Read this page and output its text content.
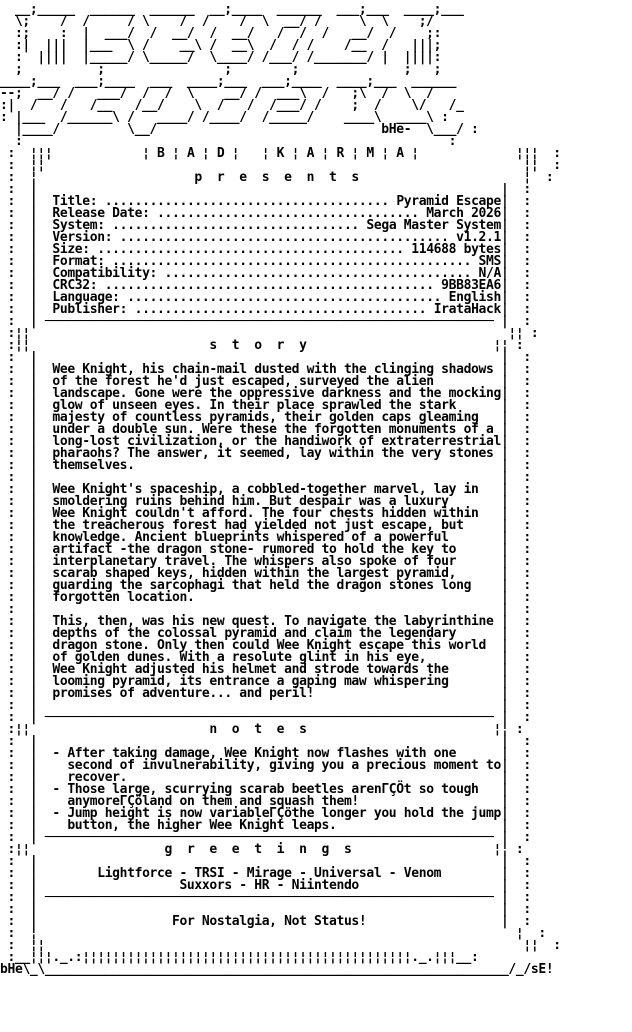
__;_____  ______  ______  __;____  ______  ___;___  ____;___
\;    /  /     / \    /  /    /  \  __/ /     \  \    ;/
:;    :  |  ___/  /  __/  /  __/   /  /  /   __/  /    ;:
:|  |||  |___  \ /    __\ /  __\  /  / /    /__  /   |||;
:  ||||  |_____/ \_____/  \____/ /___/ /_______/ |  ||||:
;          ;                ;        ;              ;   ;
____;___  ___;____  ___  ____;___  ___;____  ____;___  ______
--;  __/ /   ___/  /  /  \    __/ /  ___\  /   ;\  /  \  /
:|  /   /   /__   /__/    \  /   /  /___/ /    ;  /    \/   /_
: |___  /______\ /   ____/ /____/  /_____/    ____\  ____\ :
|____/         \__/                              bHe-  \___/ :
:                                                         :

:  ¦¦¦	¦ B ¦ A ¦ D ¦   ¦ K ¦ A ¦ R ¦ M ¦ A ¦	¦¦¦  :
:  ¦¦	¦¦  :
:  ¦	p  r  e  s  e  n  t  s	¦  :
:  |	|  :
:  | Title: ...................................... Pyramid Escape|  :
:  | Release Date: ................................... March 2026|  :
:  | System: ................................. Sega Master System|  :
:  | Version: ............................................ v1.2.1|  :
:  | Size: ......................................... 114688 bytes|  :
:  | Format: ................................................ SMS|  :
:  | Compatibility: ......................................... N/A|  :
:  | CRC32: ............................................ 9BB83EA6|  :
:  | Language: .......................................... English|  :
:  | Publisher: ....................................... IrataHack|  :
:  | ──────────────────────────────────────────────────────────── |  :
:¦¦	¦¦ :
:¦¦	s  t  o  r  y	¦¦ :
:  |	|  :
:  | Wee Knight, his chain-mail dusted with the clinging shadows |  :
:  | of the forest he'd just escaped, surveyed the alien	|  :
:  | landscape. Gone were the oppressive darkness and the mocking|  :
:  | glow of unseen eyes. In their place sprawled the stark	|  :
:  | majesty of countless pyramids, their golden caps gleaming   |  :
:  | under a double sun. Were these the forgotten monuments of a |  :
:  | long-lost civilization, or the handiwork of extraterrestrial|  :
:  | pharaohs? The answer, it seemed, lay within the very stones |  :
:  | themselves.	|  :
:  |	|  :
:  | Wee Knight's spaceship, a cobbled-together marvel, lay in   |  :
:  | smoldering ruins behind him. But despair was a luxury	|  :
:  | Wee Knight couldn't afford. The four chests hidden within   |  :
:  | the treacherous forest had yielded not just escape, but	|  :
:  | knowledge. Ancient blueprints whispered of a powerful	|  :
:  | artifact -the dragon stone- rumored to hold the key to	|  :
:  | interplanetary travel. The whispers also spoke of four	|  :
:  | scarab shaped keys, hidden within the largest pyramid,	|  :
:  | guarding the sarcophagi that held the dragon stones long    |  :
:  | forgotten location.	|  :
:  |	|  :
:  | This, then, was his new quest. To navigate the labyrinthine |  :
:  | depths of the colossal pyramid and claim the legendary	|  :
:  | dragon stone. Only then could Wee Knight escape this world  |  :
:  | of golden dunes. With a resolute glint in his eye,	|  :
:  | Wee Knight adjusted his helmet and strode towards the	|  :
:  | looming pyramid, its entrance a gaping maw whispering	|  :
:  | promises of adventure... and peril!	|  :
:  |	|  :
:  | ──────────────────────────────────────────────────────────── |  :
:¦¦	n  o  t  e  s	¦¦ :
:  |	|  :
:  | - After taking damage, Wee Knight now flashes with one	|  :
:  |    second of invulnerability, giving you a precious moment to|  :
:  |    recover.	|  :
:  | - Those large, scurrying scarab beetles arenΓÇÖt so tough   |  :
:  |    anymoreΓÇöland on them and squash them!	|  :
:  | - Jump height is now variableΓÇöthe longer you hold the jump|  :
:  |    button, the higher Wee Knight leaps.	|  :
:  | ──────────────────────────────────────────────────────────── |  :
:¦¦	g  r  e  e  t  i  n  g  s	¦¦ :
:  |	|  :
:  |	Lightforce - TRSI - Mirage - Universal - Venom	|  :
:  |	Suxxors - HR - Niintendo	|  :
:  | ──────────────────────────────────────────────────────────── |  :
:  |	|  :
:  |	For Nostalgia, Not Status!	|  :
:  ¦	¦  :
:  ¦¦	¦¦  :
:__¦¦¦._.:¦¦¦¦¦¦¦¦¦¦¦¦¦¦¦¦¦¦¦¦¦¦¦¦¦¦¦¦¦¦¦¦¦¦¦¦¦¦¦¦¦¦¦¦._.¦¦¦__:
bHe\_\______________________________________________________________/_/sE!
